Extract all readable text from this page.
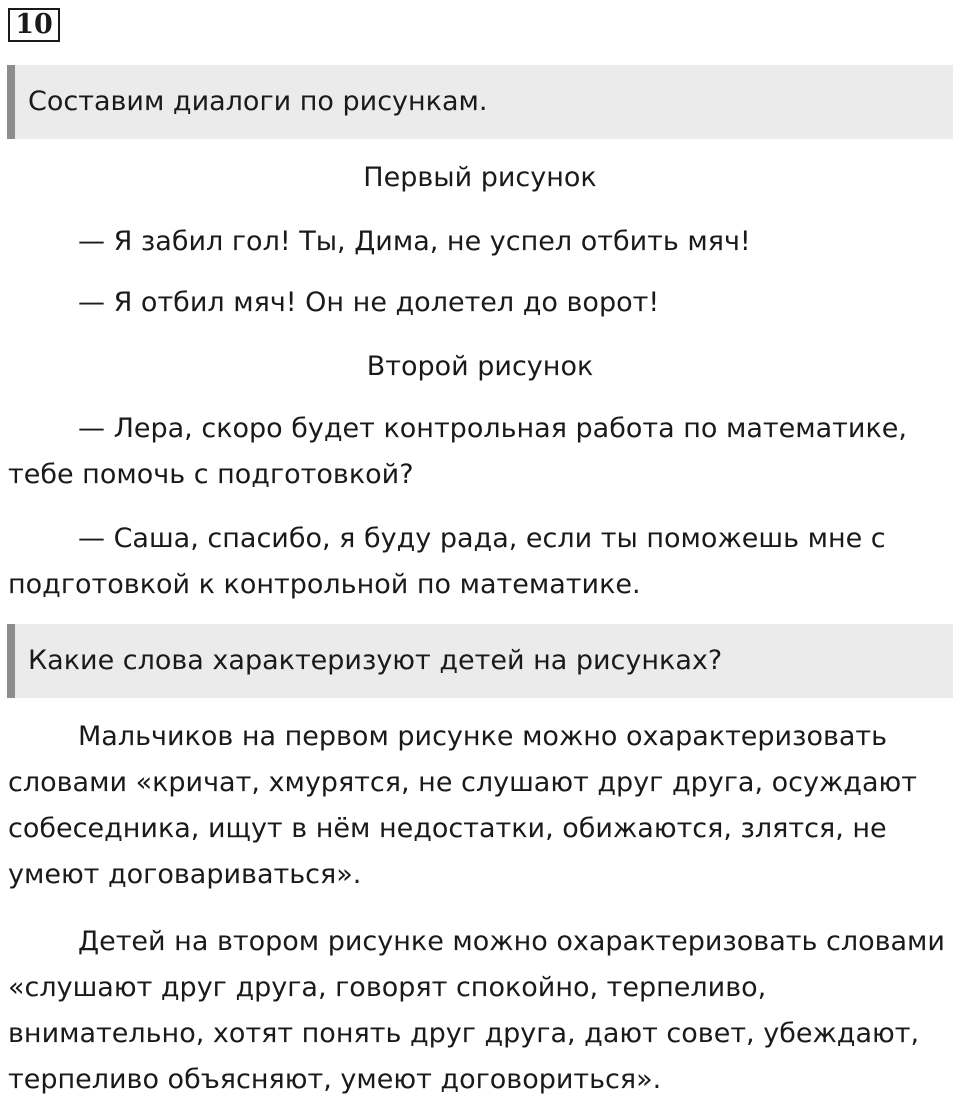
10
Составим диалоги по рисункам.
Первый рисунок
— Я забил гол! Ты, Дима, не успел отбить мяч!
— Я отбил мяч! Он не долетел до ворот!
Второй рисунок

— Лера, скоро будет контрольная работа по математике, тебе помочь с подготовкой?

— Саша, спасибо, я буду рада, если ты поможешь мне с подготовкой к контрольной по математике.

Какие слова характеризуют детей на рисунках?

Мальчиков на первом рисунке можно охарактеризовать словами «кричат, хмурятся, не слушают друг друга, осуждают собеседника, ищут в нём недостатки, обижаются, злятся, не умеют договариваться».

Детей на втором рисунке можно охарактеризовать словами «слушают друг друга, говорят спокойно, терпеливо, внимательно, хотят понять друг друга, дают совет, убеждают, терпеливо объясняют, умеют договориться».
